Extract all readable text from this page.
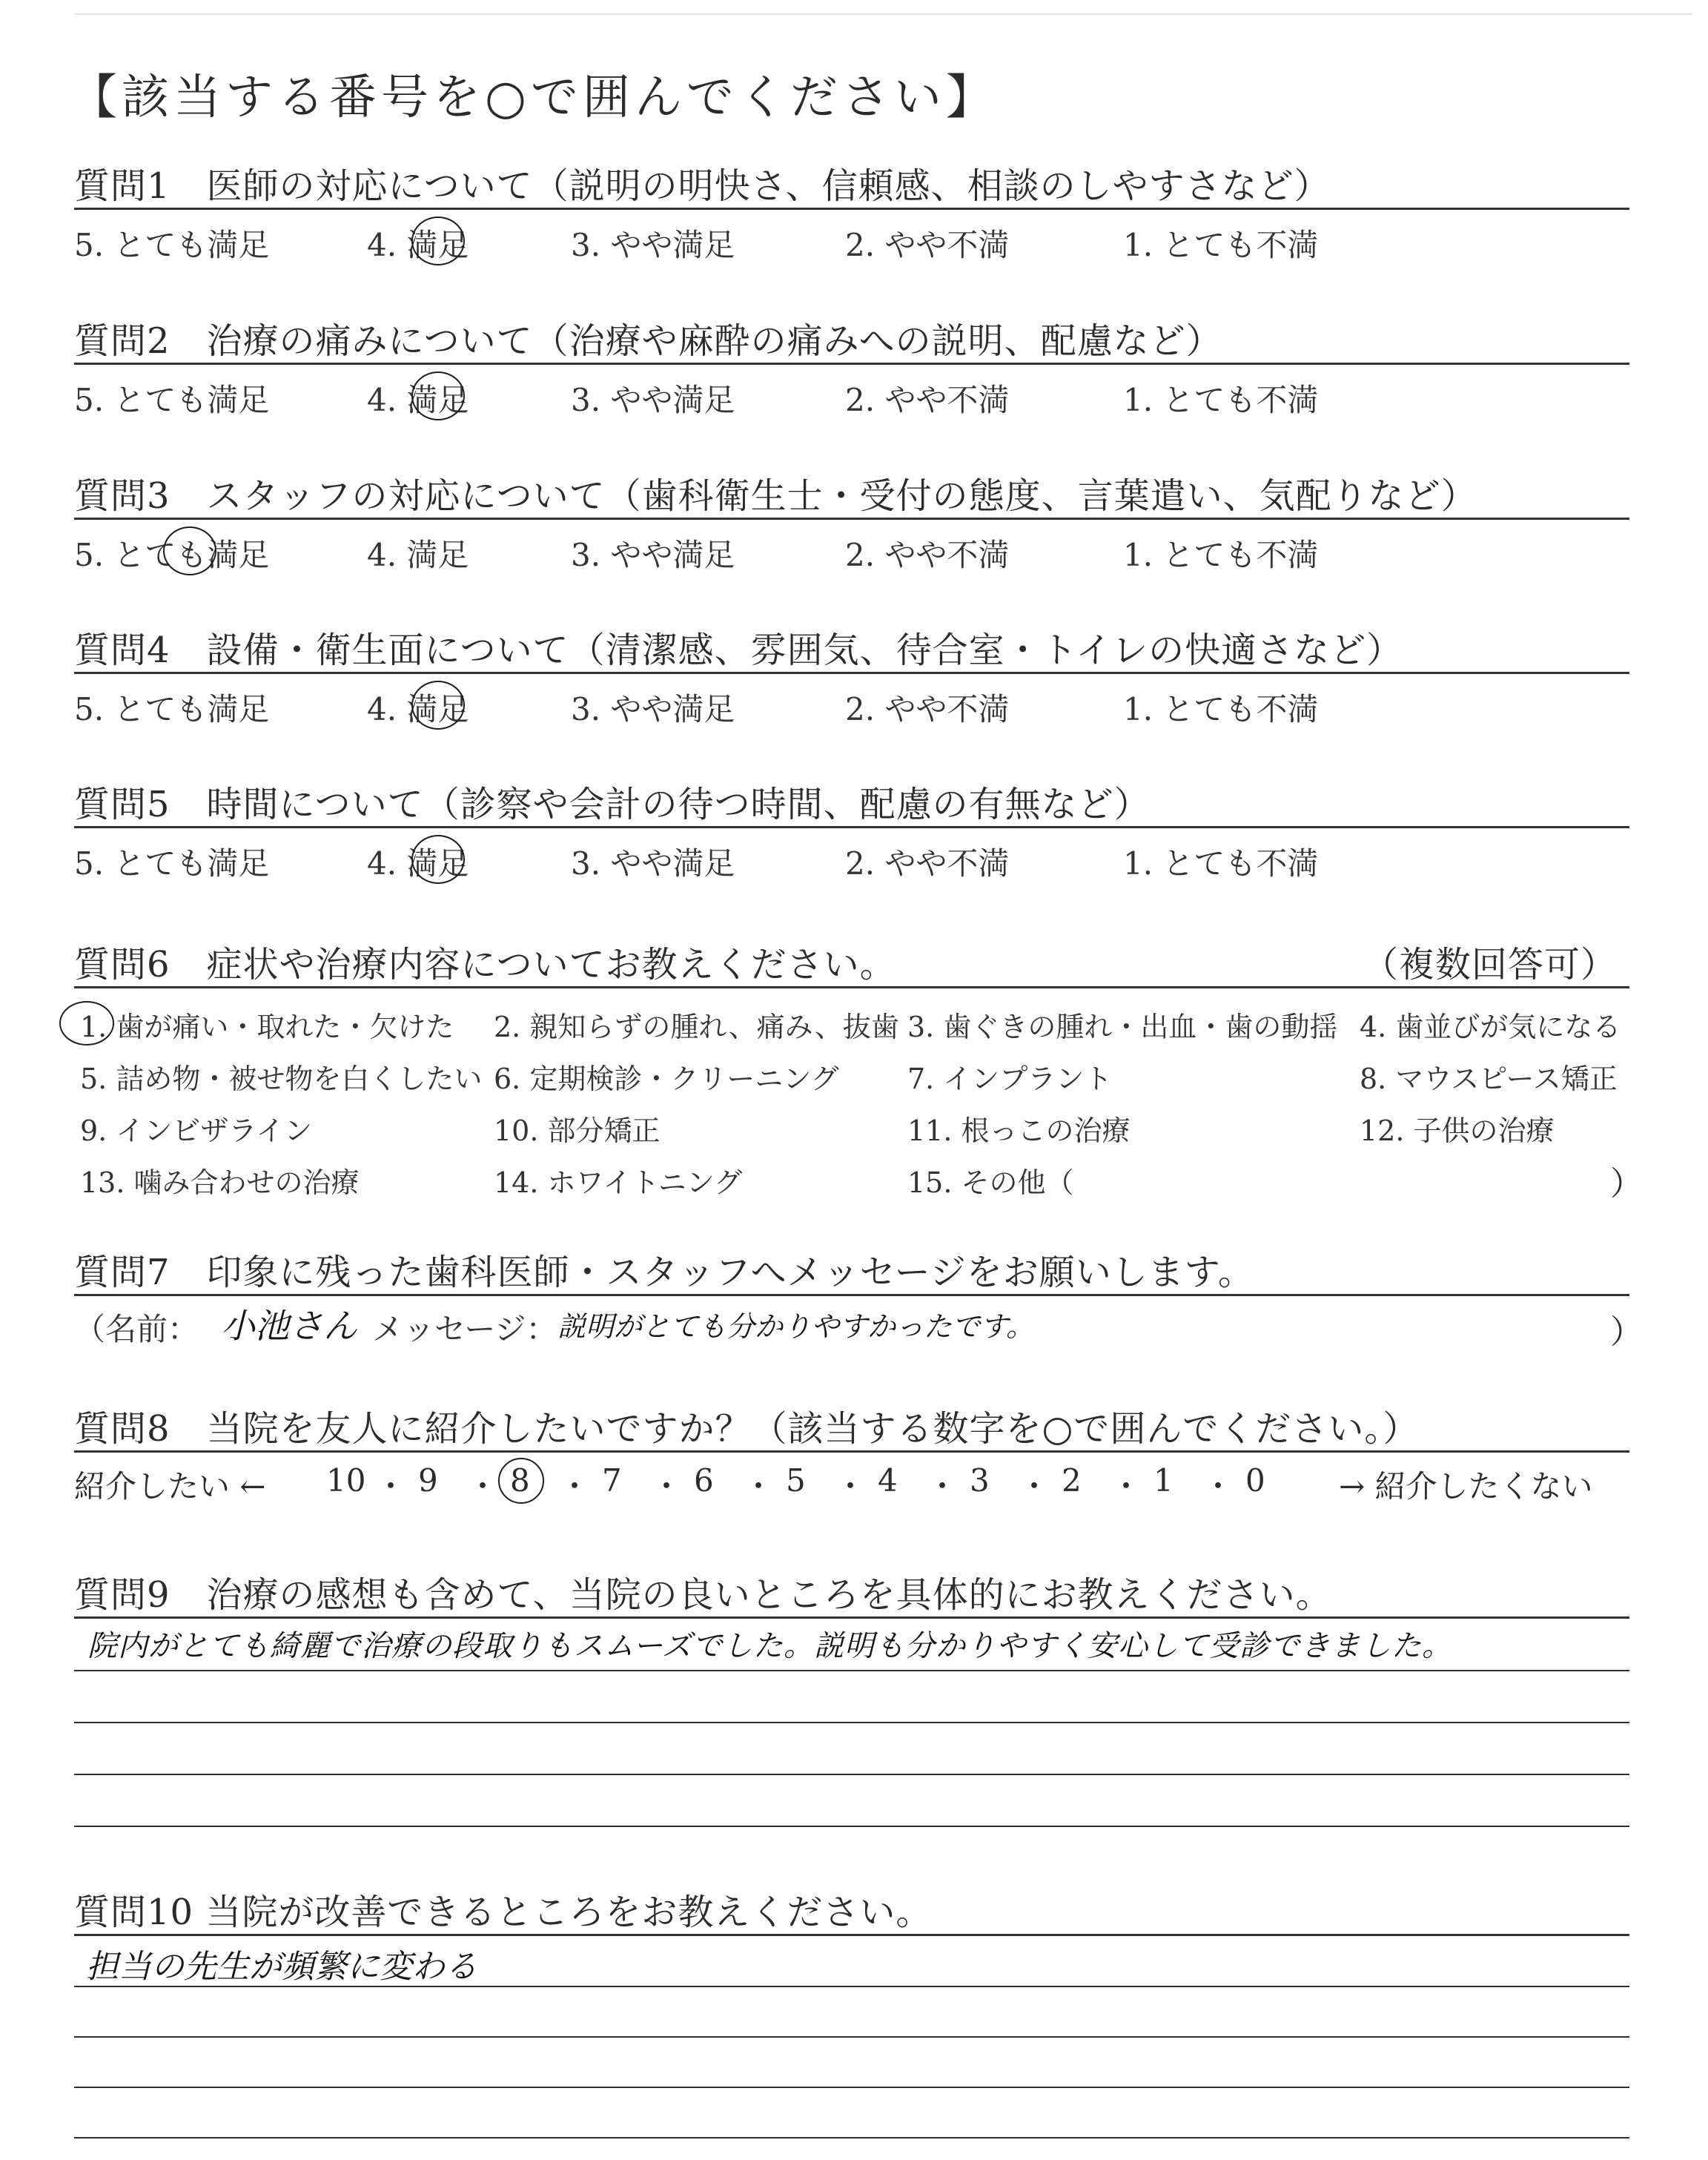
【該当する番号を○で囲んでください】
質問1　医師の対応について（説明の明快さ、信頼感、相談のしやすさなど）
5. とても満足	4. 満足	3. やや満足	2. やや不満	1. とても不満
質問2　治療の痛みについて（治療や麻酔の痛みへの説明、配慮など）
5. とても満足	4. 満足	3. やや満足	2. やや不満	1. とても不満
質問3　スタッフの対応について（歯科衛生士・受付の態度、言葉遣い、気配りなど）
5. とても満足	4. 満足	3. やや満足	2. やや不満	1. とても不満
質問4　設備・衛生面について（清潔感、雰囲気、待合室・トイレの快適さなど）
5. とても満足	4. 満足	3. やや満足	2. やや不満	1. とても不満
質問5　時間について（診察や会計の待つ時間、配慮の有無など）
5. とても満足	4. 満足	3. やや満足	2. やや不満	1. とても不満
質問6　症状や治療内容についてお教えください。	（複数回答可）
1. 歯が痛い・取れた・欠けた 2. 親知らずの腫れ、痛み、抜歯 3. 歯ぐきの腫れ・出血・歯の動揺 4. 歯並びが気になる
5. 詰め物・被せ物を白くしたい 6. 定期検診・クリーニング 7. インプラント	8. マウスピース矯正
9. インビザライン	10. 部分矯正	11. 根っこの治療	12. 子供の治療
13. 噛み合わせの治療	14. ホワイトニング	15. その他（	）
質問7　印象に残った歯科医師・スタッフへメッセージをお願いします。
（名前： 小池さん メッセージ： 説明がとても分かりやすかったです。	）
質問8　当院を友人に紹介したいですか？（該当する数字を○で囲んでください。）
紹介したい ← 10 ・ 9 ・ 8 ・ 7 ・ 6 ・ 5 ・ 4 ・ 3 ・ 2 ・ 1 ・ 0 → 紹介したくない
質問9　治療の感想も含めて、当院の良いところを具体的にお教えください。
院内がとても綺麗で治療の段取りもスムーズでした。説明も分かりやすく安心して受診できました。
質問10 当院が改善できるところをお教えください。
担当の先生が頻繁に変わる
